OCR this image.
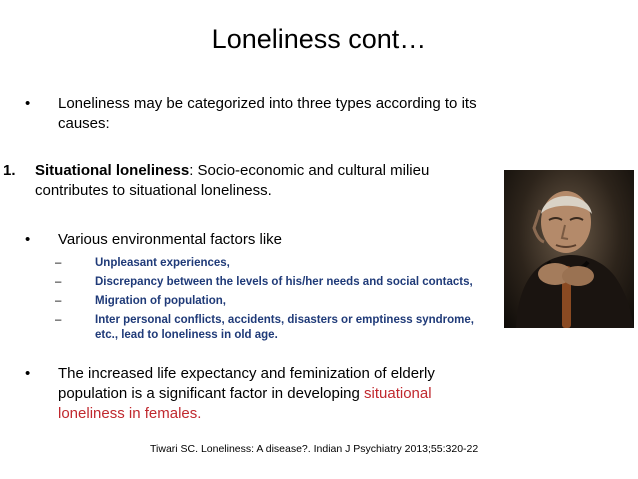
Loneliness cont…
• Loneliness may be categorized into three types according to its causes:
1. Situational loneliness: Socio-economic and cultural milieu contributes to situational loneliness.
• Various environmental factors like
–	Unpleasant experiences,
–	Discrepancy between the levels of his/her needs and social contacts,
–	Migration of population,
–	Inter personal conflicts, accidents, disasters or emptiness syndrome, etc., lead to loneliness in old age.
• The increased life expectancy and feminization of elderly population is a significant factor in developing situational loneliness in females.
Tiwari SC. Loneliness: A disease?. Indian J Psychiatry 2013;55:320-22
